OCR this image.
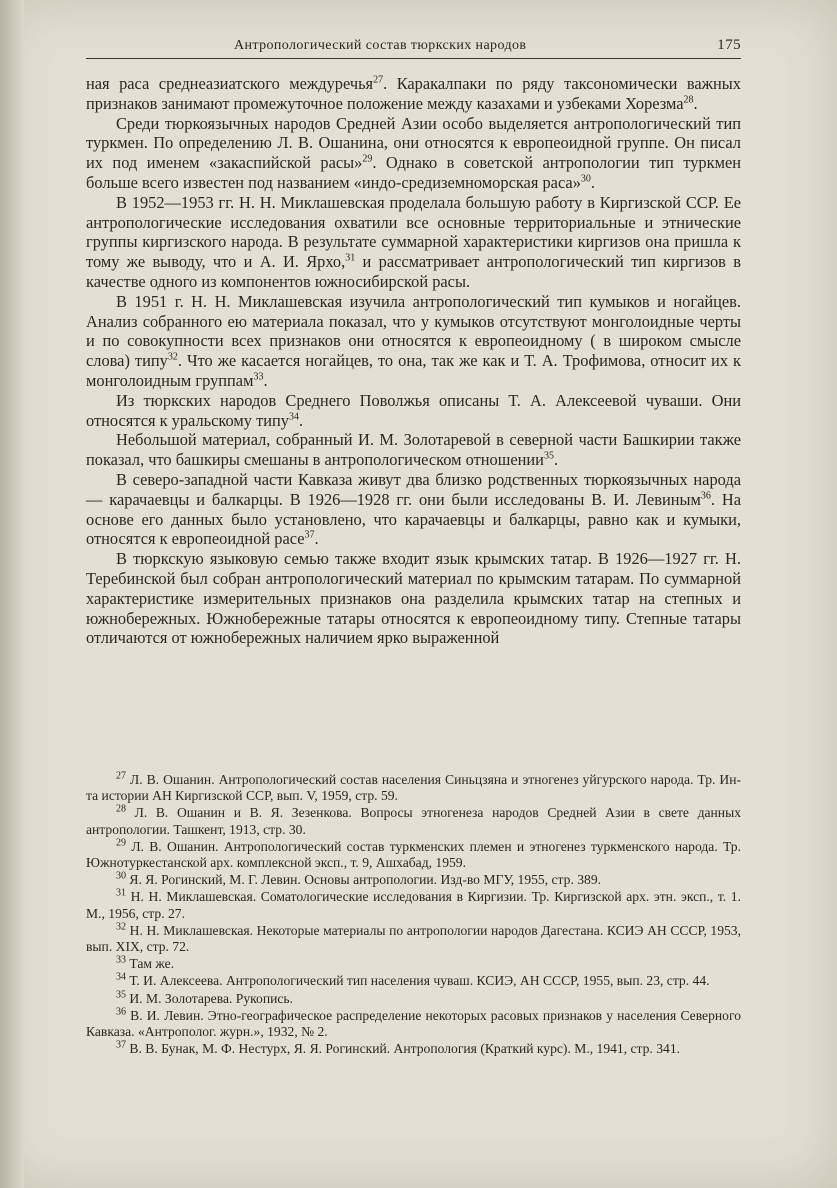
Антропологический состав тюркских народов	175

ная раса среднеазиатского междуречья$^{27}$. Каракалпаки по ряду таксономически важных признаков занимают промежуточное положение между казахами и узбеками Хорезма$^{28}$.

Среди тюркоязычных народов Средней Азии особо выделяется антропологический тип туркмен. По определению Л. В. Ошанина, они относятся к европеоидной группе. Он писал их под именем «закаспийской расы»$^{29}$. Однако в советской антропологии тип туркмен больше всего известен под названием «индо-средиземноморская раса»$^{30}$.

В 1952—1953 гг. Н. Н. Миклашевская проделала большую работу в Киргизской ССР. Ее антропологические исследования охватили все основные территориальные и этнические группы киргизского народа. В результате суммарной характеристики киргизов она пришла к тому же выводу, что и А. И. Ярхо,$^{31}$ и рассматривает антропологический тип киргизов в качестве одного из компонентов южносибирской расы.

В 1951 г. Н. Н. Миклашевская изучила антропологический тип кумыков и ногайцев. Анализ собранного ею материала показал, что у кумыков отсутствуют монголоидные черты и по совокупности всех признаков они относятся к европеоидному ( в широком смысле слова) типу$^{32}$. Что же касается ногайцев, то она, так же как и Т. А. Трофимова, относит их к монголоидным группам$^{33}$.

Из тюркских народов Среднего Поволжья описаны Т. А. Алексеевой чуваши. Они относятся к уральскому типу$^{34}$.

Небольшой материал, собранный И. М. Золотаревой в северной части Башкирии также показал, что башкиры смешаны в антропологическом отношении$^{35}$.

В северо-западной части Кавказа живут два близко родственных тюркоязычных народа — карачаевцы и балкарцы. В 1926—1928 гг. они были исследованы В. И. Левиным$^{36}$. На основе его данных было установлено, что карачаевцы и балкарцы, равно как и кумыки, относятся к европеоидной расе$^{37}$.

В тюркскую языковую семью также входит язык крымских татар. В 1926—1927 гг. Н. Теребинской был собран антропологический материал по крымским татарам. По суммарной характеристике измерительных признаков она разделила крымских татар на степных и южнобережных. Южнобережные татары относятся к европеоидному типу. Степные татары отличаются от южнобережных наличием ярко выраженной

$^{27}$ Л. В. Ошанин. Антропологический состав населения Синьцзяна и этногенез уйгурского народа. Тр. Ин-та истории АН Киргизской ССР, вып. V, 1959, стр. 59.

$^{28}$ Л. В. Ошанин и В. Я. Зезенкова. Вопросы этногенеза народов Средней Азии в свете данных антропологии. Ташкент, 1913, стр. 30.

$^{29}$ Л. В. Ошанин. Антропологический состав туркменских племен и этногенез туркменского народа. Тр. Южнотуркестанской арх. комплексной эксп., т. 9, Ашхабад, 1959.

$^{30}$ Я. Я. Рогинский, М. Г. Левин. Основы антропологии. Изд-во МГУ, 1955, стр. 389.

$^{31}$ Н. Н. Миклашевская. Соматологические исследования в Киргизии. Тр. Киргизской арх. этн. эксп., т. 1. М., 1956, стр. 27.

$^{32}$ Н. Н. Миклашевская. Некоторые материалы по антропологии народов Дагестана. КСИЭ АН СССР, 1953, вып. XIX, стр. 72.

$^{33}$ Там же.

$^{34}$ Т. И. Алексеева. Антропологический тип населения чуваш. КСИЭ, АН СССР, 1955, вып. 23, стр. 44.

$^{35}$ И. М. Золотарева. Рукопись.

$^{36}$ В. И. Левин. Этно-географическое распределение некоторых расовых признаков у населения Северного Кавказа. «Антрополог. журн.», 1932, № 2.

$^{37}$ В. В. Бунак, М. Ф. Нестурх, Я. Я. Рогинский. Антропология (Краткий курс). М., 1941, стр. 341.
